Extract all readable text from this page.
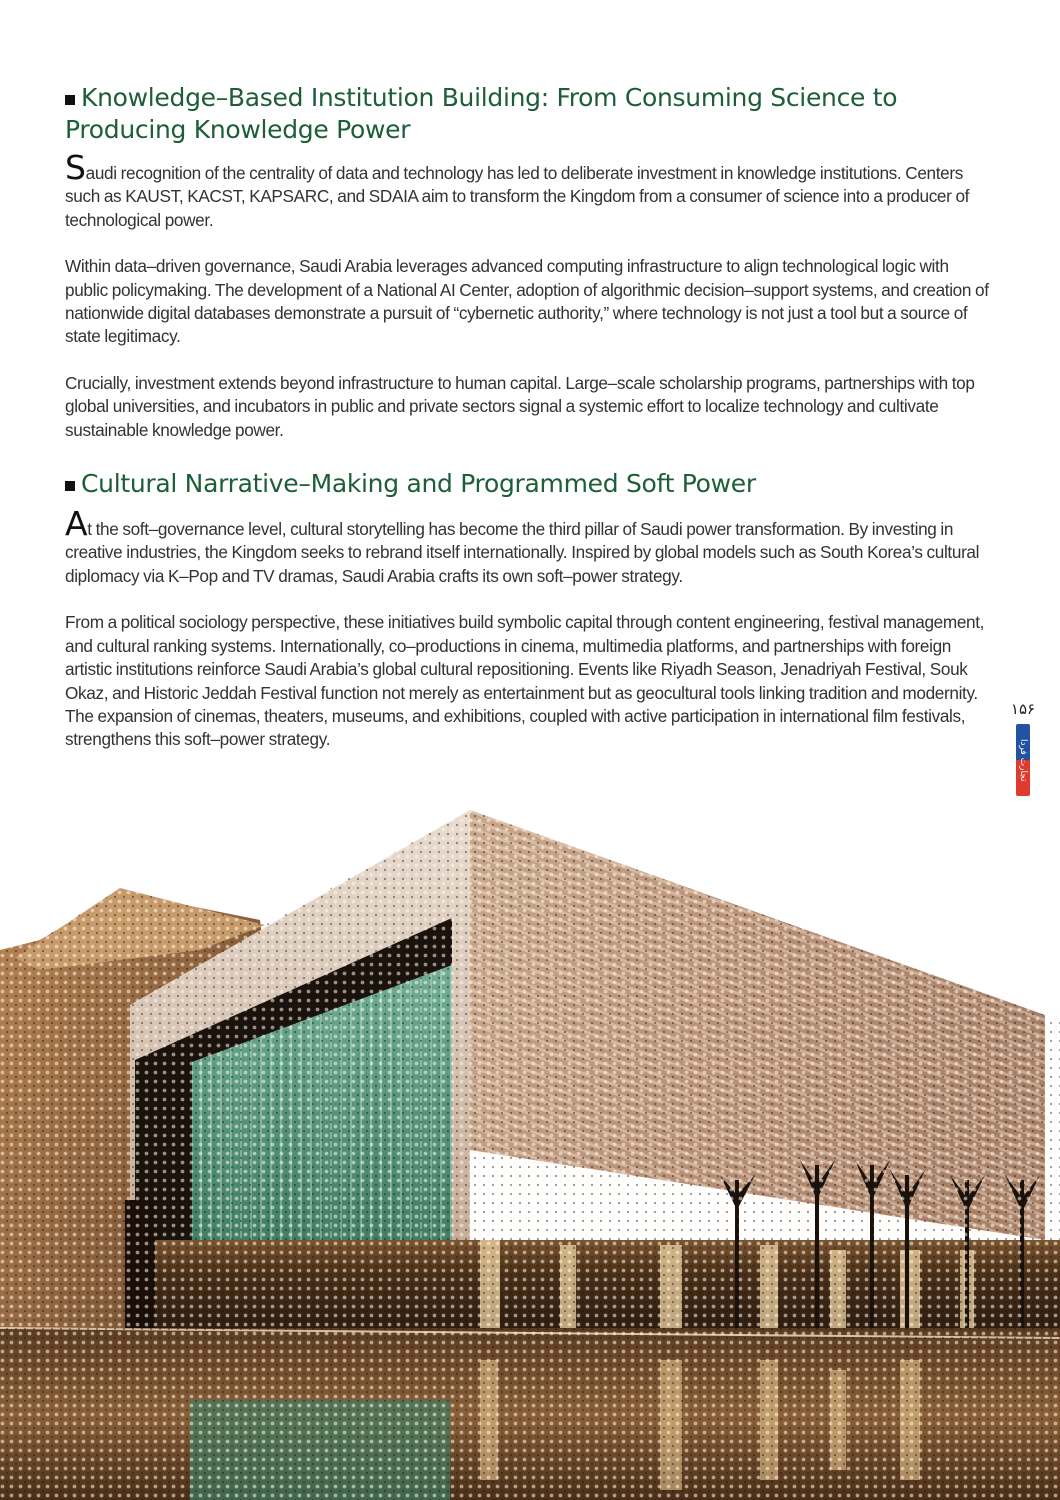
Knowledge–Based Institution Building: From Consuming Science to Producing Knowledge Power

Saudi recognition of the centrality of data and technology has led to deliberate investment in knowledge institutions. Centers such as KAUST, KACST, KAPSARC, and SDAIA aim to transform the Kingdom from a consumer of science into a producer of technological power.

Within data–driven governance, Saudi Arabia leverages advanced computing infrastructure to align technological logic with public policymaking. The development of a National AI Center, adoption of algorithmic decision–support systems, and creation of nationwide digital databases demonstrate a pursuit of “cybernetic authority,” where technology is not just a tool but a source of state legitimacy.

Crucially, investment extends beyond infrastructure to human capital. Large–scale scholarship programs, partnerships with top global universities, and incubators in public and private sectors signal a systemic effort to localize technology and cultivate sustainable knowledge power.

Cultural Narrative–Making and Programmed Soft Power

At the soft–governance level, cultural storytelling has become the third pillar of Saudi power transformation. By investing in creative industries, the Kingdom seeks to rebrand itself internationally. Inspired by global models such as South Korea’s cultural diplomacy via K–Pop and TV dramas, Saudi Arabia crafts its own soft–power strategy.

From a political sociology perspective, these initiatives build symbolic capital through content engineering, festival management, and cultural ranking systems. Internationally, co–productions in cinema, multimedia platforms, and partnerships with foreign artistic institutions reinforce Saudi Arabia’s global cultural repositioning. Events like Riyadh Season, Jenadriyah Festival, Souk Okaz, and Historic Jeddah Festival function not merely as entertainment but as geocultural tools linking tradition and modernity. The expansion of cinemas, theaters, museums, and exhibitions, coupled with active participation in international film festivals, strengthens this soft–power strategy.

۱۵۶
تجارت فردا
